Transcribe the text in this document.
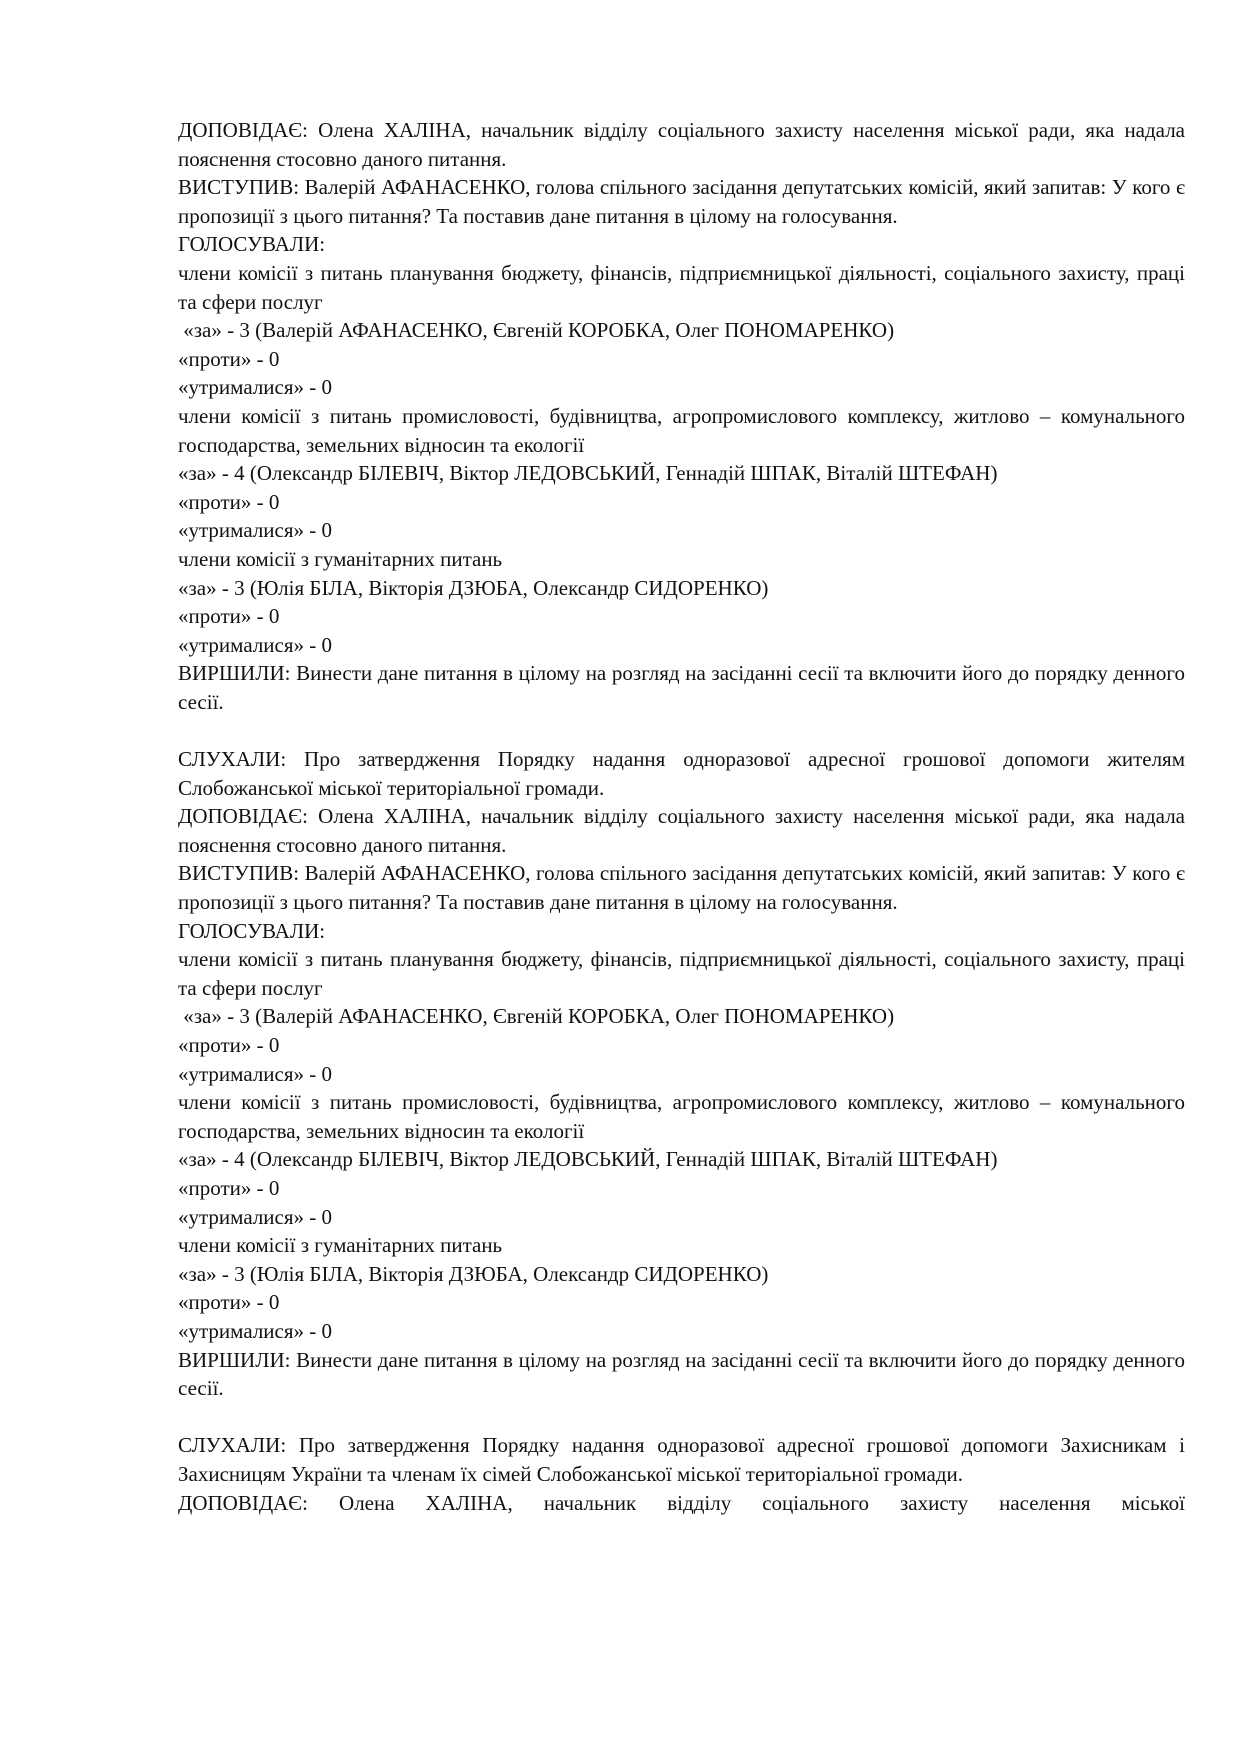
ДОПОВІДАЄ: Олена ХАЛІНА, начальник відділу соціального захисту населення міської ради, яка надала пояснення стосовно даного питання.

ВИСТУПИВ: Валерій АФАНАСЕНКО, голова спільного засідання депутатських комісій, який запитав: У кого є пропозиції з цього питання? Та поставив дане питання в цілому на голосування.

ГОЛОСУВАЛИ:

члени комісії з питань планування бюджету, фінансів, підприємницької діяльності, соціального захисту, праці та сфери послуг

«за» - 3 (Валерій АФАНАСЕНКО, Євгеній КОРОБКА, Олег ПОНОМАРЕНКО)

«проти» - 0

«утрималися» - 0

члени комісії з питань промисловості, будівництва, агропромислового комплексу, житлово – комунального господарства, земельних відносин та екології

«за» - 4 (Олександр БІЛЕВІЧ, Віктор ЛЕДОВСЬКИЙ, Геннадій ШПАК, Віталій ШТЕФАН)

«проти» - 0

«утрималися» - 0

члени комісії з гуманітарних питань

«за» - 3 (Юлія БІЛА, Вікторія ДЗЮБА, Олександр СИДОРЕНКО)

«проти» - 0

«утрималися» - 0

ВИРШИЛИ: Винести дане питання в цілому на розгляд на засіданні сесії та включити його до порядку денного сесії.

СЛУХАЛИ: Про затвердження Порядку надання одноразової адресної грошової допомоги жителям Слобожанської міської територіальної громади.

ДОПОВІДАЄ: Олена ХАЛІНА, начальник відділу соціального захисту населення міської ради, яка надала пояснення стосовно даного питання.

ВИСТУПИВ: Валерій АФАНАСЕНКО, голова спільного засідання депутатських комісій, який запитав: У кого є пропозиції з цього питання? Та поставив дане питання в цілому на голосування.

ГОЛОСУВАЛИ:

члени комісії з питань планування бюджету, фінансів, підприємницької діяльності, соціального захисту, праці та сфери послуг

«за» - 3 (Валерій АФАНАСЕНКО, Євгеній КОРОБКА, Олег ПОНОМАРЕНКО)

«проти» - 0

«утрималися» - 0

члени комісії з питань промисловості, будівництва, агропромислового комплексу, житлово – комунального господарства, земельних відносин та екології

«за» - 4 (Олександр БІЛЕВІЧ, Віктор ЛЕДОВСЬКИЙ, Геннадій ШПАК, Віталій ШТЕФАН)

«проти» - 0

«утрималися» - 0

члени комісії з гуманітарних питань

«за» - 3 (Юлія БІЛА, Вікторія ДЗЮБА, Олександр СИДОРЕНКО)

«проти» - 0

«утрималися» - 0

ВИРШИЛИ: Винести дане питання в цілому на розгляд на засіданні сесії та включити його до порядку денного сесії.

СЛУХАЛИ: Про затвердження Порядку надання одноразової адресної грошової допомоги Захисникам і Захисницям України та членам їх сімей Слобожанської міської територіальної громади.

ДОПОВІДАЄ: Олена ХАЛІНА, начальник відділу соціального захисту населення міської
